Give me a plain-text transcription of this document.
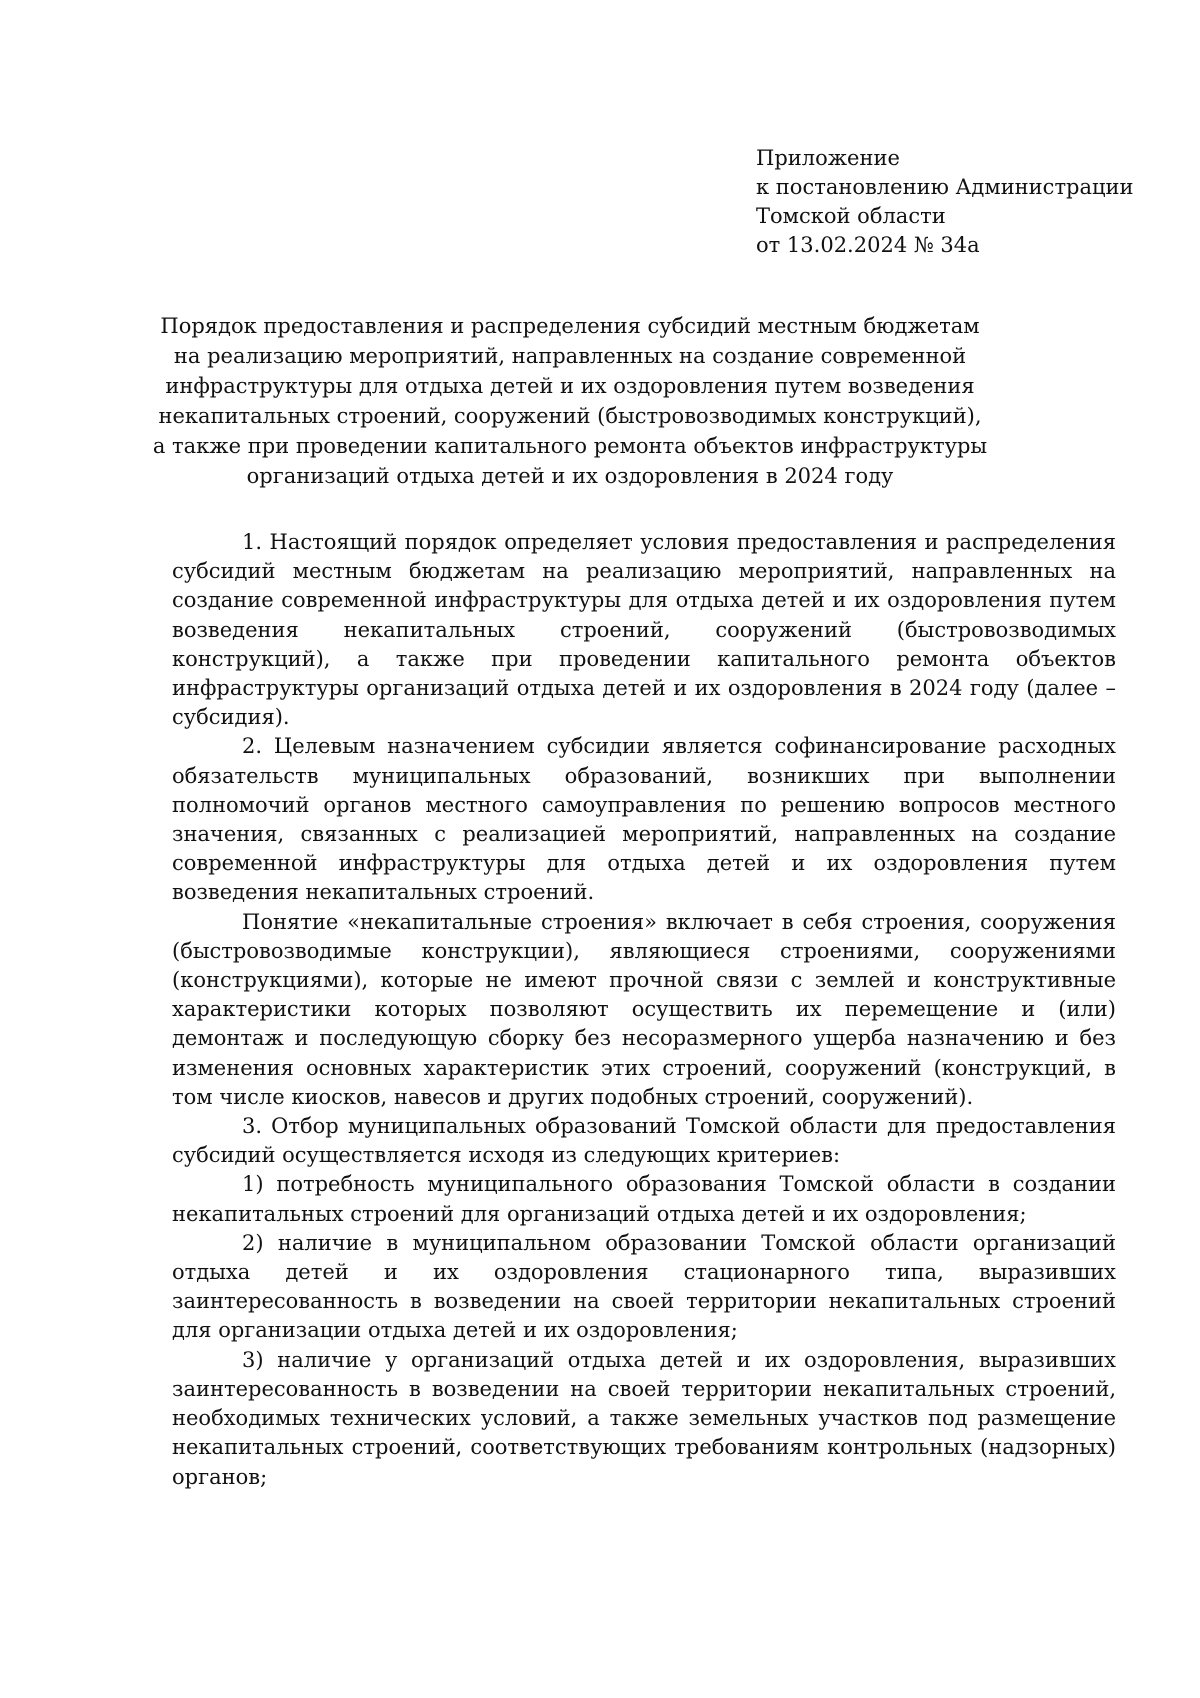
Приложение
к постановлению Администрации
Томской области
от 13.02.2024 № 34а
Порядок предоставления и распределения субсидий местным бюджетам
на реализацию мероприятий, направленных на создание современной
инфраструктуры для отдыха детей и их оздоровления путем возведения
некапитальных строений, сооружений (быстровозводимых конструкций),
а также при проведении капитального ремонта объектов инфраструктуры
организаций отдыха детей и их оздоровления в 2024 году

1. Настоящий порядок определяет условия предоставления и распределения субсидий местным бюджетам на реализацию мероприятий, направленных на создание современной инфраструктуры для отдыха детей и их оздоровления путем возведения некапитальных строений, сооружений (быстровозводимых конструкций), а также при проведении капитального ремонта объектов инфраструктуры организаций отдыха детей и их оздоровления в 2024 году (далее – субсидия).

2. Целевым назначением субсидии является софинансирование расходных обязательств муниципальных образований, возникших при выполнении полномочий органов местного самоуправления по решению вопросов местного значения, связанных с реализацией мероприятий, направленных на создание современной инфраструктуры для отдыха детей и их оздоровления путем возведения некапитальных строений.

Понятие «некапитальные строения» включает в себя строения, сооружения (быстровозводимые конструкции), являющиеся строениями, сооружениями (конструкциями), которые не имеют прочной связи с землей и конструктивные характеристики которых позволяют осуществить их перемещение и (или) демонтаж и последующую сборку без несоразмерного ущерба назначению и без изменения основных характеристик этих строений, сооружений (конструкций, в том числе киосков, навесов и других подобных строений, сооружений).

3. Отбор муниципальных образований Томской области для предоставления субсидий осуществляется исходя из следующих критериев:

1) потребность муниципального образования Томской области в создании некапитальных строений для организаций отдыха детей и их оздоровления;

2) наличие в муниципальном образовании Томской области организаций отдыха детей и их оздоровления стационарного типа, выразивших заинтересованность в возведении на своей территории некапитальных строений для организации отдыха детей и их оздоровления;

3) наличие у организаций отдыха детей и их оздоровления, выразивших заинтересованность в возведении на своей территории некапитальных строений, необходимых технических условий, а также земельных участков под размещение некапитальных строений, соответствующих требованиям контрольных (надзорных) органов;
